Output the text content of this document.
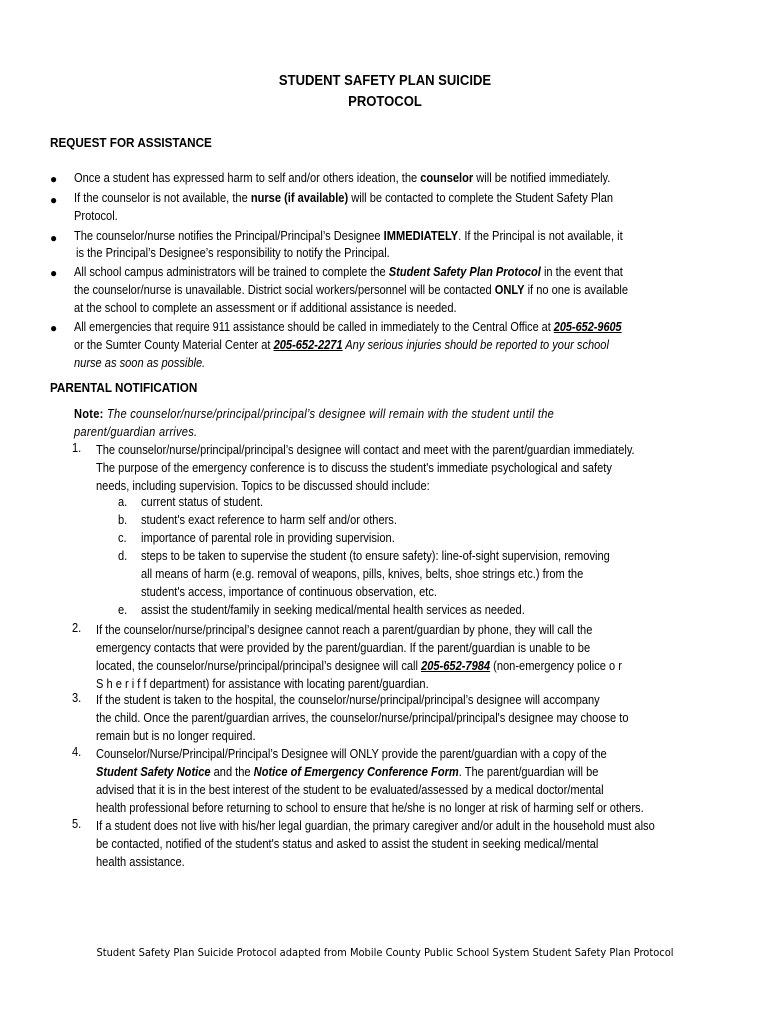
STUDENT SAFETY PLAN SUICIDE
PROTOCOL
REQUEST FOR ASSISTANCE
● Once a student has expressed harm to self and/or others ideation, the counselor will be notified immediately.
● If the counselor is not available, the nurse (if available) will be contacted to complete the Student Safety Plan
Protocol.
● The counselor/nurse notifies the Principal/Principal’s Designee IMMEDIATELY. If the Principal is not available, it
is the Principal’s Designee’s responsibility to notify the Principal.
● All school campus administrators will be trained to complete the Student Safety Plan Protocol in the event that
the counselor/nurse is unavailable. District social workers/personnel will be contacted ONLY if no one is available
at the school to complete an assessment or if additional assistance is needed.
● All emergencies that require 911 assistance should be called in immediately to the Central Office at 205-652-9605
or the Sumter County Material Center at 205-652-2271 Any serious injuries should be reported to your school
nurse as soon as possible.
PARENTAL NOTIFICATION
Note: The counselor/nurse/principal/principal’s designee will remain with the student until the
parent/guardian arrives.
1. The counselor/nurse/principal/principal’s designee will contact and meet with the parent/guardian immediately.
The purpose of the emergency conference is to discuss the student's immediate psychological and safety
needs, including supervision. Topics to be discussed should include:
a. current status of student.
b. student's exact reference to harm self and/or others.
c. importance of parental role in providing supervision.
d. steps to be taken to supervise the student (to ensure safety): line-of-sight supervision, removing
all means of harm (e.g. removal of weapons, pills, knives, belts, shoe strings etc.) from the
student's access, importance of continuous observation, etc.
e. assist the student/family in seeking medical/mental health services as needed.
2. If the counselor/nurse/principal’s designee cannot reach a parent/guardian by phone, they will call the
emergency contacts that were provided by the parent/guardian. If the parent/guardian is unable to be
located, the counselor/nurse/principal/principal’s designee will call 205-652-7984 (non-emergency police o r
S h e r i f f department) for assistance with locating parent/guardian.
3. If the student is taken to the hospital, the counselor/nurse/principal/principal’s designee will accompany
the child. Once the parent/guardian arrives, the counselor/nurse/principal/principal's designee may choose to
remain but is no longer required.
4. Counselor/Nurse/Principal/Principal’s Designee will ONLY provide the parent/guardian with a copy of the
Student Safety Notice and the Notice of Emergency Conference Form. The parent/guardian will be
advised that it is in the best interest of the student to be evaluated/assessed by a medical doctor/mental
health professional before returning to school to ensure that he/she is no longer at risk of harming self or others.
5. If a student does not live with his/her legal guardian, the primary caregiver and/or adult in the household must also
be contacted, notified of the student's status and asked to assist the student in seeking medical/mental
health assistance.
Student Safety Plan Suicide Protocol adapted from Mobile County Public School System Student Safety Plan Protocol
